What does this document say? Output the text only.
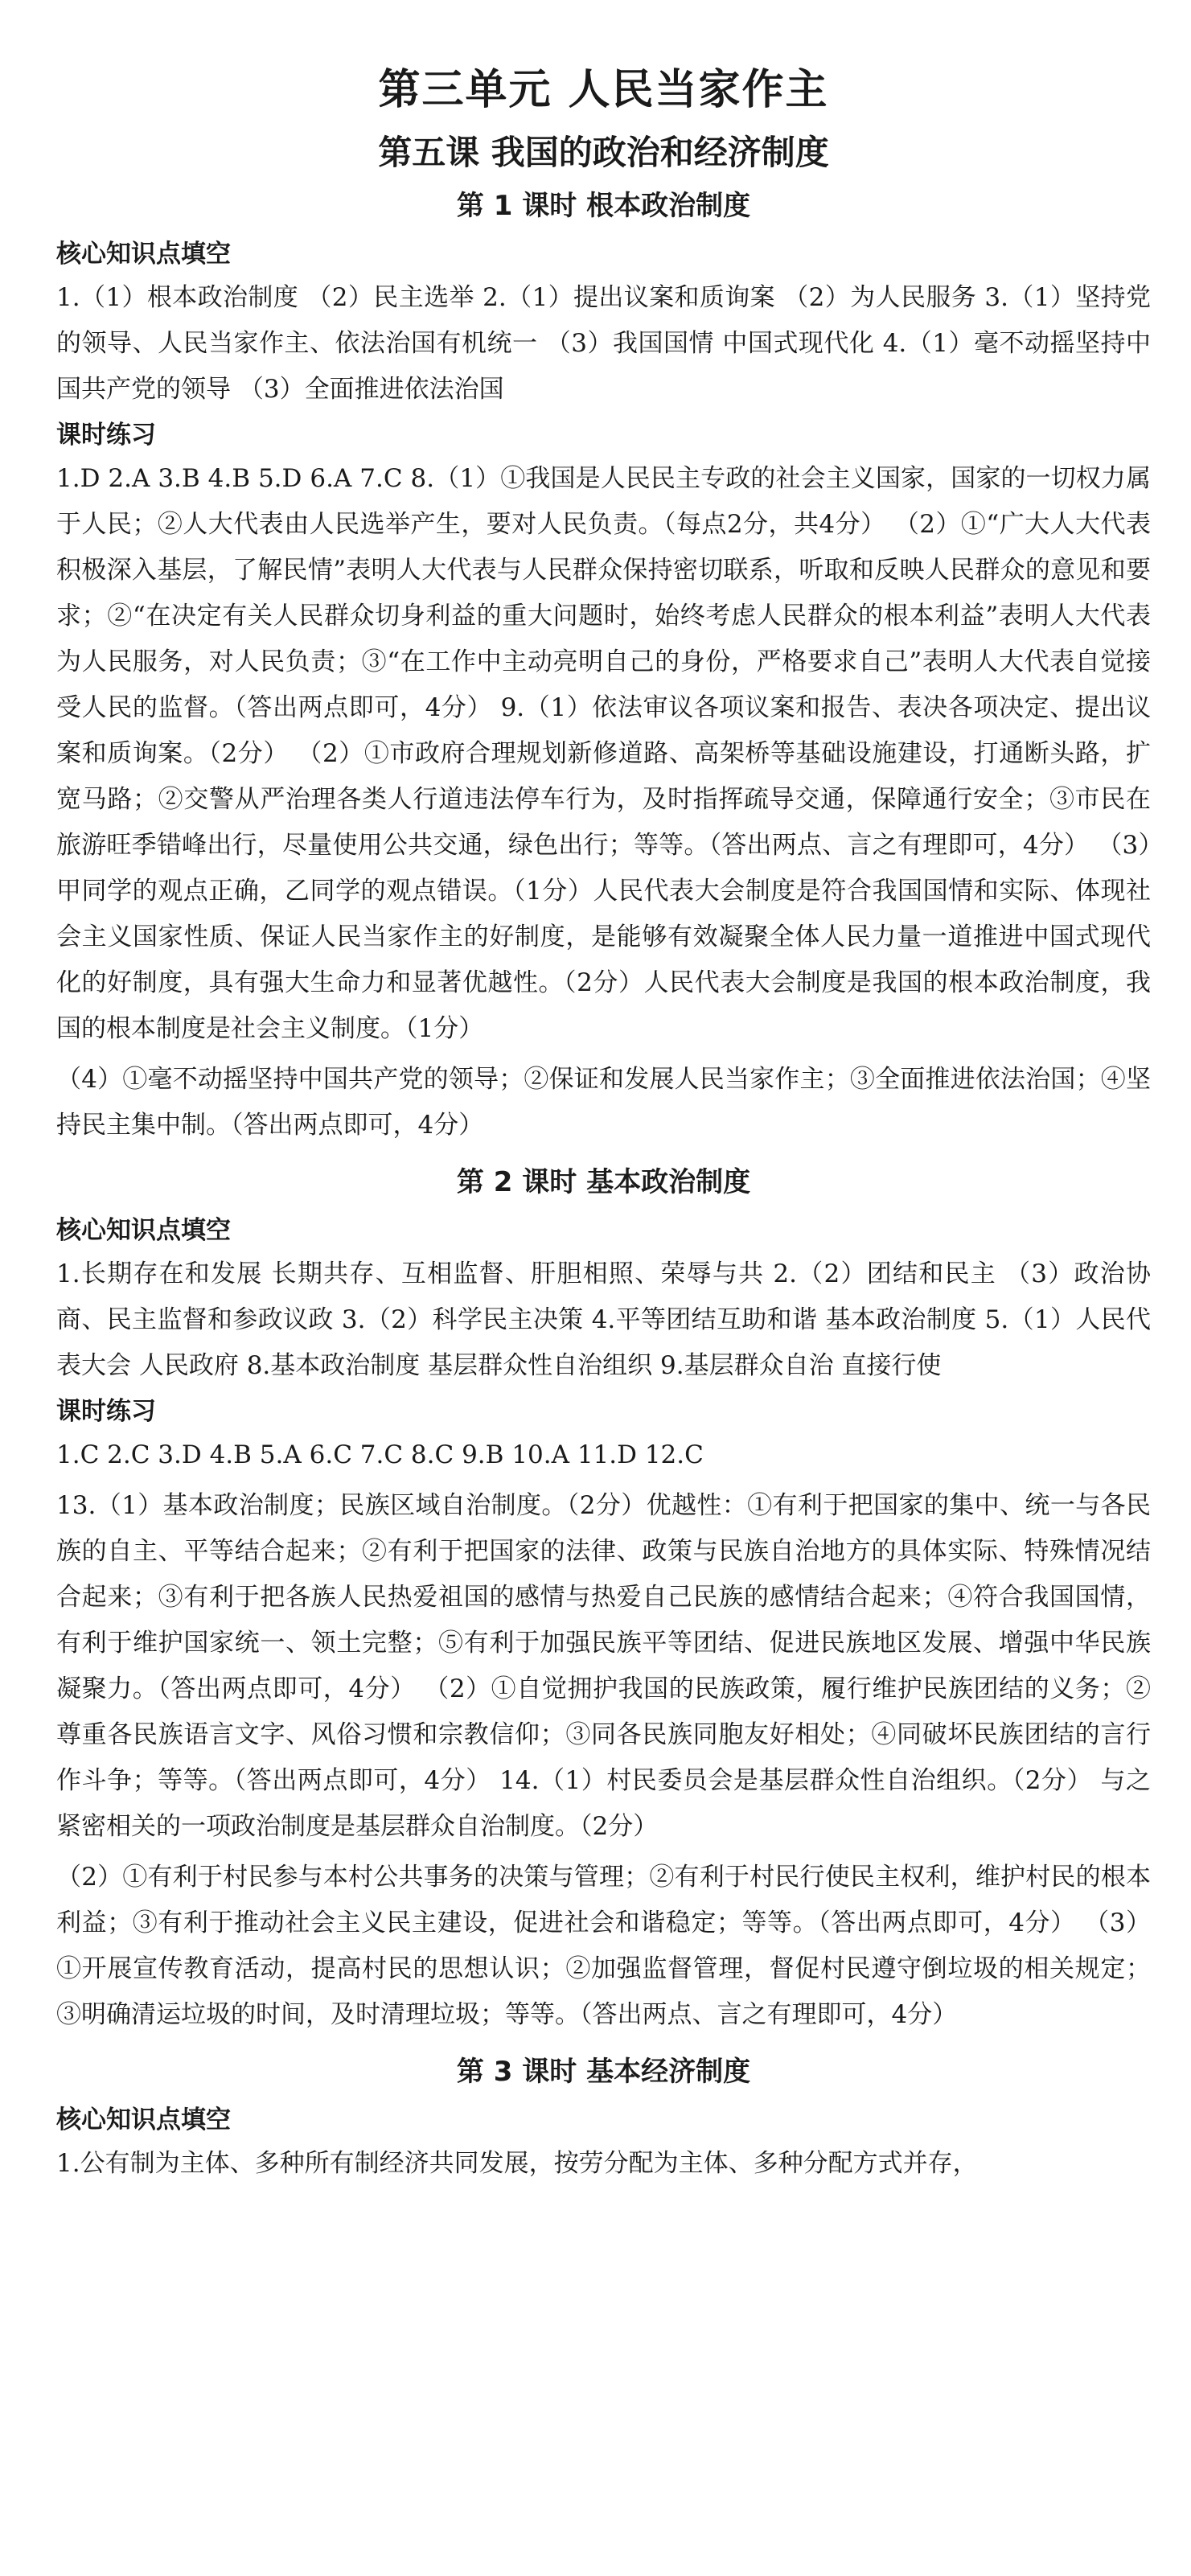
第三单元 人民当家作主
第五课 我国的政治和经济制度
第 1 课时 根本政治制度
核心知识点填空

1.（1）根本政治制度 （2）民主选举 2.（1）提出议案和质询案 （2）为人民服务 3.（1）坚持党的领导、人民当家作主、依法治国有机统一 （3）我国国情 中国式现代化 4.（1）毫不动摇坚持中国共产党的领导 （3）全面推进依法治国

课时练习

1.D 2.A 3.B 4.B 5.D 6.A 7.C 8.（1）①我国是人民民主专政的社会主义国家，国家的一切权力属于人民；②人大代表由人民选举产生，要对人民负责。（每点2分，共4分） （2）①“广大人大代表积极深入基层，了解民情”表明人大代表与人民群众保持密切联系，听取和反映人民群众的意见和要求；②“在决定有关人民群众切身利益的重大问题时，始终考虑人民群众的根本利益”表明人大代表为人民服务，对人民负责；③“在工作中主动亮明自己的身份，严格要求自己”表明人大代表自觉接受人民的监督。（答出两点即可，4分） 9.（1）依法审议各项议案和报告、表决各项决定、提出议案和质询案。（2分） （2）①市政府合理规划新修道路、高架桥等基础设施建设，打通断头路，扩宽马路；②交警从严治理各类人行道违法停车行为，及时指挥疏导交通，保障通行安全；③市民在旅游旺季错峰出行，尽量使用公共交通，绿色出行；等等。（答出两点、言之有理即可，4分） （3）甲同学的观点正确，乙同学的观点错误。（1分）人民代表大会制度是符合我国国情和实际、体现社会主义国家性质、保证人民当家作主的好制度，是能够有效凝聚全体人民力量一道推进中国式现代化的好制度，具有强大生命力和显著优越性。（2分）人民代表大会制度是我国的根本政治制度，我国的根本制度是社会主义制度。（1分）

（4）①毫不动摇坚持中国共产党的领导；②保证和发展人民当家作主；③全面推进依法治国；④坚持民主集中制。（答出两点即可，4分）

第 2 课时 基本政治制度
核心知识点填空

1.长期存在和发展 长期共存、互相监督、肝胆相照、荣辱与共 2.（2）团结和民主 （3）政治协商、民主监督和参政议政 3.（2）科学民主决策 4.平等团结互助和谐 基本政治制度 5.（1）人民代表大会 人民政府 8.基本政治制度 基层群众性自治组织 9.基层群众自治 直接行使

课时练习

1.C 2.C 3.D 4.B 5.A 6.C 7.C 8.C 9.B 10.A 11.D 12.C

13.（1）基本政治制度；民族区域自治制度。（2分）优越性：①有利于把国家的集中、统一与各民族的自主、平等结合起来；②有利于把国家的法律、政策与民族自治地方的具体实际、特殊情况结合起来；③有利于把各族人民热爱祖国的感情与热爱自己民族的感情结合起来；④符合我国国情，有利于维护国家统一、领土完整；⑤有利于加强民族平等团结、促进民族地区发展、增强中华民族凝聚力。（答出两点即可，4分） （2）①自觉拥护我国的民族政策，履行维护民族团结的义务；②尊重各民族语言文字、风俗习惯和宗教信仰；③同各民族同胞友好相处；④同破坏民族团结的言行作斗争；等等。（答出两点即可，4分） 14.（1）村民委员会是基层群众性自治组织。（2分） 与之紧密相关的一项政治制度是基层群众自治制度。（2分）

（2）①有利于村民参与本村公共事务的决策与管理；②有利于村民行使民主权利，维护村民的根本利益；③有利于推动社会主义民主建设，促进社会和谐稳定；等等。（答出两点即可，4分） （3）①开展宣传教育活动，提高村民的思想认识；②加强监督管理，督促村民遵守倒垃圾的相关规定；③明确清运垃圾的时间，及时清理垃圾；等等。（答出两点、言之有理即可，4分）

第 3 课时 基本经济制度
核心知识点填空

1.公有制为主体、多种所有制经济共同发展，按劳分配为主体、多种分配方式并存，
